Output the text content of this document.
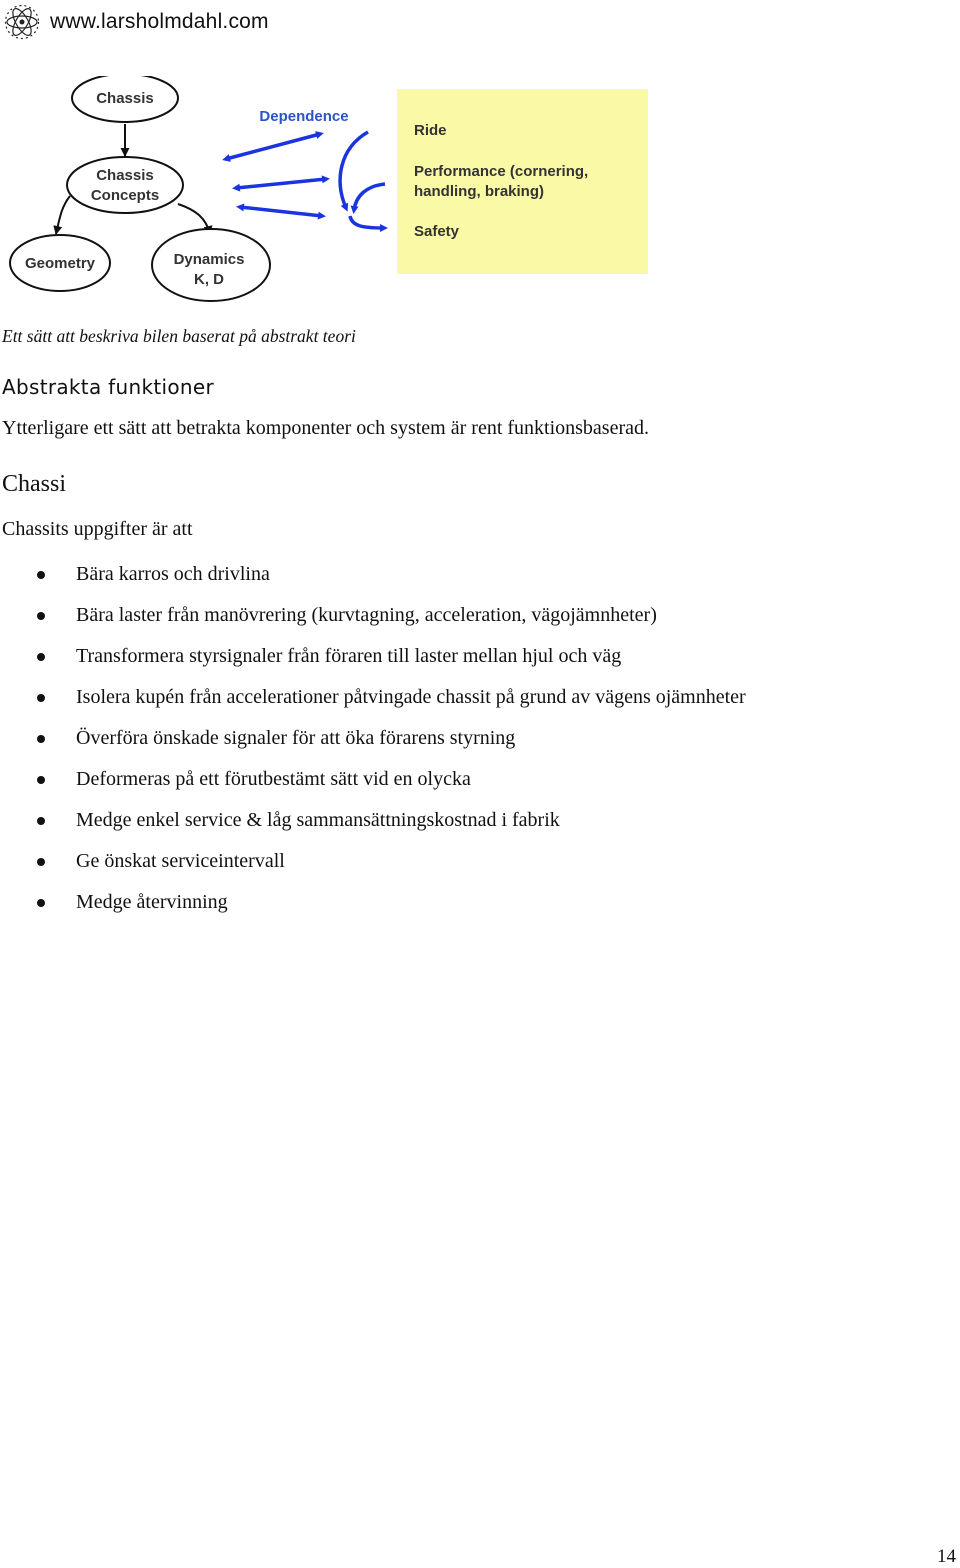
www.larsholmdahl.com
Chassis
Chassis
Concepts
Geometry	Dynamics
K, D
Dependence
Ride
Performance (cornering,
handling, braking)
Safety
Ett sätt att beskriva bilen baserat på abstrakt teori
Abstrakta funktioner
Ytterligare ett sätt att betrakta komponenter och system är rent funktionsbaserad.
Chassi
Chassits uppgifter är att
Bära karros och drivlina
Bära laster från manövrering (kurvtagning, acceleration, vägojämnheter)
Transformera styrsignaler från föraren till laster mellan hjul och väg
Isolera kupén från accelerationer påtvingade chassit på grund av vägens ojämnheter
Överföra önskade signaler för att öka förarens styrning
Deformeras på ett förutbestämt sätt vid en olycka
Medge enkel service & låg sammansättningskostnad i fabrik
Ge önskat serviceintervall
Medge återvinning
14
